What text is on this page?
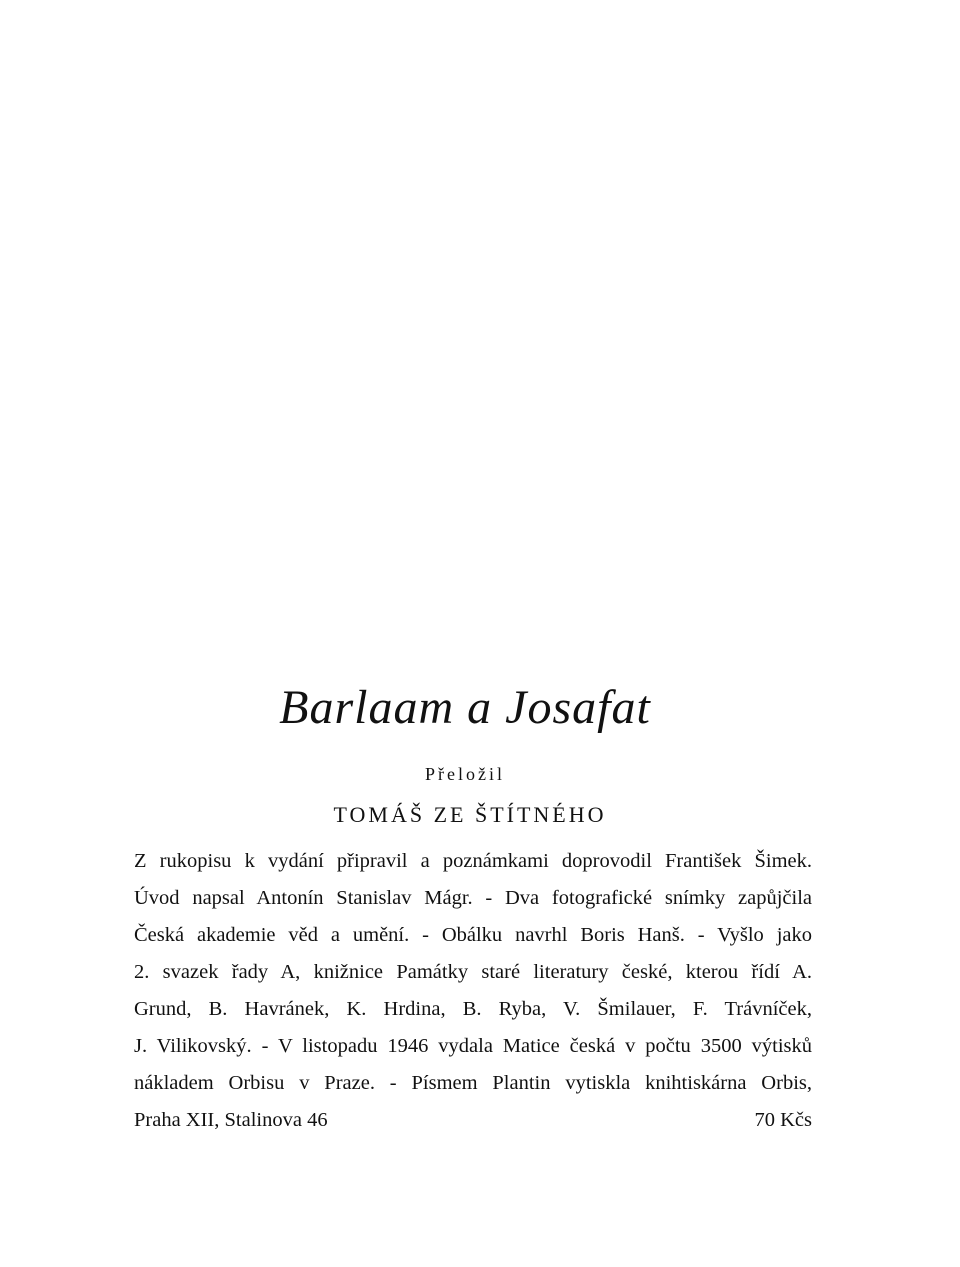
Barlaam a Josafat
Přeložil
TOMÁŠ ZE ŠTÍTNÉHO
Z rukopisu k vydání připravil a poznámkami doprovodil František Šimek.
Úvod napsal Antonín Stanislav Mágr. - Dva fotografické snímky zapůjčila
Česká akademie věd a umění. - Obálku navrhl Boris Hanš. - Vyšlo jako
2. svazek řady A, knižnice Památky staré literatury české, kterou řídí A.
Grund, B. Havránek, K. Hrdina, B. Ryba, V. Šmilauer, F. Trávníček,
J. Vilikovský. - V listopadu 1946 vydala Matice česká v počtu 3500 výtisků
nákladem Orbisu v Praze. - Písmem Plantin vytiskla knihtiskárna Orbis,
Praha XII, Stalinova 46	70 Kčs
